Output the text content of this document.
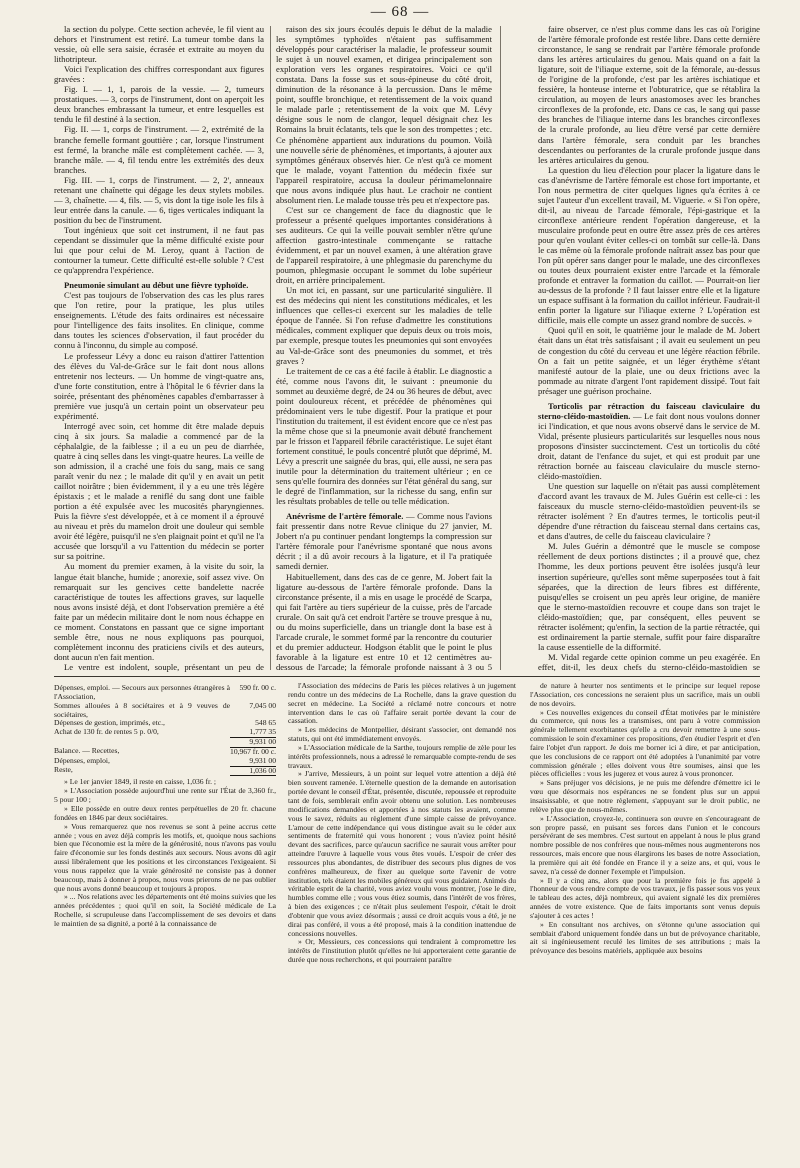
— 68 —

la section du polype. Cette section achevée, le fil vient au dehors et l'instrument est retiré. La tumeur tombe dans la vessie, où elle sera saisie, écrasée et extraite au moyen du lithotripteur.

Voici l'explication des chiffres correspondant aux figures gravées :

Fig. I. — 1, 1, parois de la vessie. — 2, tumeurs prostatiques. — 3, corps de l'instrument, dont on aperçoit les deux branches embrassant la tumeur, et entre lesquelles est tendu le fil destiné à la section.

Fig. II. — 1, corps de l'instrument. — 2, extrémité de la branche femelle formant gouttière ; car, lorsque l'instrument est fermé, la branche mâle est complètement cachée. — 3, branche mâle. — 4, fil tendu entre les extrémités des deux branches.

Fig. III. — 1, corps de l'instrument. — 2, 2', anneaux retenant une chaînette qui dégage les deux stylets mobiles. — 3, chaînette. — 4, fils. — 5, vis dont la tige isole les fils à leur entrée dans la canule. — 6, tiges verticales indiquant la position du bec de l'instrument.

Tout ingénieux que soit cet instrument, il ne faut pas cependant se dissimuler que la même difficulté existe pour lui que pour celui de M. Leroy, quant à l'action de contourner la tumeur. Cette difficulté est-elle soluble ? C'est ce qu'apprendra l'expérience.

Pneumonie simulant au début une fièvre typhoïde.

C'est pas toujours de l'observation des cas les plus rares que l'on retire, pour la pratique, les plus utiles enseignements. L'étude des faits ordinaires est nécessaire pour l'intelligence des faits insolites. En clinique, comme dans toutes les sciences d'observation, il faut procéder du connu à l'inconnu, du simple au composé.

Le professeur Lévy a donc eu raison d'attirer l'attention des élèves du Val-de-Grâce sur le fait dont nous allons entretenir nos lecteurs. — Un homme de vingt-quatre ans, d'une forte constitution, entre à l'hôpital le 6 février dans la soirée, présentant des phénomènes capables d'embarrasser à première vue jusqu'à un certain point un observateur peu expérimenté.

Interrogé avec soin, cet homme dit être malade depuis cinq à six jours. Sa maladie a commencé par de la céphalalgie, de la faiblesse ; il a eu un peu de diarrhée, quatre à cinq selles dans les vingt-quatre heures. La veille de son admission, il a craché une fois du sang, mais ce sang paraît venir du nez ; le malade dit qu'il y en avait un petit caillot noirâtre ; bien évidemment, il y a eu une très légère épistaxis ; et le malade a reniflé du sang dont une faible portion a été expulsée avec les mucosités pharyngiennes. Puis la fièvre s'est développée, et à ce moment il a éprouvé au niveau et près du mamelon droit une douleur qui semble avoir été légère, puisqu'il ne s'en plaignait point et qu'il ne l'a accusée que lorsqu'il a vu l'attention du médecin se porter sur sa poitrine.

Au moment du premier examen, à la visite du soir, la langue était blanche, humide ; anorexie, soif assez vive. On remarquait sur les gencives cette bandelette nacrée caractéristique de toutes les affections graves, sur laquelle nous avons insisté déjà, et dont l'observation première a été faite par un médecin militaire dont le nom nous échappe en ce moment. Constatons en passant que ce signe important semble être, nous ne nous expliquons pas pourquoi, complètement inconnu des praticiens civils et des auteurs, dont aucun n'en fait mention.

Le ventre est indolent, souple, présentant un peu de

raison des six jours écoulés depuis le début de la maladie les symptômes typhoïdes n'étaient pas suffisamment développés pour caractériser la maladie, le professeur soumit le sujet à un nouvel examen, et dirigea principalement son exploration vers les organes respiratoires. Voici ce qu'il constata. Dans la fosse sus et sous-épineuse du côté droit, diminution de la résonance à la percussion. Dans le même point, souffle bronchique, et retentissement de la voix quand le malade parle ; retentissement de la voix que M. Lévy désigne sous le nom de clangor, lequel désignait chez les Romains la bruit éclatants, tels que le son des trompettes ; etc. Ce phénomène appartient aux indurations du poumon. Voilà une nouvelle série de phénomènes, et importants, à ajouter aux symptômes généraux observés hier. Ce n'est qu'à ce moment que le malade, voyant l'attention du médecin fixée sur l'appareil respiratoire, accusa la douleur périmamelonnaire que nous avons indiquée plus haut. Le crachoir ne contient absolument rien. Le malade tousse très peu et n'expectore pas.

C'est sur ce changement de face du diagnostic que le professeur a présenté quelques importantes considérations à ses auditeurs. Ce qui la veille pouvait sembler n'être qu'une affection gastro-intestinale commençante se rattache évidemment, et par un nouvel examen, à une altération grave de l'appareil respiratoire, à une phlegmasie du parenchyme du poumon, phlegmasie occupant le sommet du lobe supérieur droit, en arrière principalement.

Un mot ici, en passant, sur une particularité singulière. Il est des médecins qui nient les constitutions médicales, et les influences que celles-ci exercent sur les maladies de telle époque de l'année. Si l'on refuse d'admettre les constitutions médicales, comment expliquer que depuis deux ou trois mois, par exemple, presque toutes les pneumonies qui sont envoyées au Val-de-Grâce sont des pneumonies du sommet, et très graves ?

Le traitement de ce cas a été facile à établir. Le diagnostic a été, comme nous l'avons dit, le suivant : pneumonie du sommet au deuxième degré, de 24 ou 36 heures de début, avec point douloureux récent, et précédée de phénomènes qui prédominaient vers le tube digestif. Pour la pratique et pour l'institution du traitement, il est évident encore que ce n'est pas la même chose que si la pneumonie avait débuté franchement par le frisson et l'appareil fébrile caractéristique. Le sujet étant fortement constitué, le pouls concentré plutôt que déprimé, M. Lévy a prescrit une saignée du bras, qui, elle aussi, ne sera pas inutile pour la détermination du traitement ultérieur ; en ce sens qu'elle fournira des données sur l'état général du sang, sur le degré de l'inflammation, sur la richesse du sang, enfin sur les résultats probables de telle ou telle médication.

Anévrisme de l'artère fémorale. — Comme nous l'avions fait pressentir dans notre Revue clinique du 27 janvier, M. Jobert n'a pu continuer pendant longtemps la compression sur l'artère fémorale pour l'anévrisme spontané que nous avons décrit ; il a dû avoir recours à la ligature, et il l'a pratiquée samedi dernier.

Habituellement, dans des cas de ce genre, M. Jobert fait la ligature au-dessous de l'artère fémorale profonde. Dans la circonstance présente, il a mis en usage le procédé de Scarpa, qui fait l'artère au tiers supérieur de la cuisse, près de l'arcade crurale. On sait qu'à cet endroit l'artère se trouve presque à nu, ou du moins superficielle, dans un triangle dont la base est à l'arcade crurale, le sommet formé par la rencontre du couturier et du premier adducteur. Hodgson établit que le point le plus favorable à la ligature est entre 10 et 12 centimètres au-dessous de l'arcade; la fémorale profonde naissant à 3 ou 5

faire observer, ce n'est plus comme dans les cas où l'origine de l'artère fémorale profonde est restée libre. Dans cette dernière circonstance, le sang se rendrait par l'artère fémorale profonde dans les artères articulaires du genou. Mais quand on a fait la ligature, soit de l'iliaque externe, soit de la fémorale, au-dessus de l'origine de la profonde, c'est par les artères ischiatique et fessière, la honteuse interne et l'obturatrice, que se rétablira la circulation, au moyen de leurs anastomoses avec les branches circonflexes de la profonde, etc. Dans ce cas, le sang qui passe des branches de l'iliaque interne dans les branches circonflexes de la crurale profonde, au lieu d'être versé par cette dernière dans l'artère fémorale, sera conduit par les branches descendantes ou perforantes de la crurale profonde jusque dans les artères articulaires du genou.

La question du lieu d'élection pour placer la ligature dans le cas d'anévrisme de l'artère fémorale est chose fort importante, et l'on nous permettra de citer quelques lignes qu'a écrites à ce sujet l'auteur d'un excellent travail, M. Viguerie. « Si l'on opère, dit-il, au niveau de l'arcade fémorale, l'épi-gastrique et la circonflexe antérieure rendent l'opération dangereuse, et la musculaire profonde peut en outre être assez près de ces artères pour qu'en voulant éviter celles-ci on tombât sur celle-là. Dans le cas même où la fémorale profonde naîtrait assez bas pour que l'on pût opérer sans danger pour le malade, une des circonflexes ou toutes deux pourraient exister entre l'arcade et la fémorale profonde et entraver la formation du caillot. — Pourrait-on lier au-dessus de la profonde ? Il faut laisser entre elle et la ligature un espace suffisant à la formation du caillot inférieur. Faudrait-il enfin porter la ligature sur l'iliaque externe ? L'opération est difficile, mais elle compte un assez grand nombre de succès. »

Quoi qu'il en soit, le quatrième jour le malade de M. Jobert était dans un état très satisfaisant ; il avait eu seulement un peu de congestion du côté du cerveau et une légère réaction fébrile. On a fait un petite saignée, et un léger érythème s'étant manifesté autour de la plaie, une ou deux frictions avec la pommade au nitrate d'argent l'ont rapidement dissipé. Tout fait présager une guérison prochaine.

Torticolis par rétraction du faisceau claviculaire du sterno-cléido-mastoïdien. — Le fait dont nous voulons donner ici l'indication, et que nous avons observé dans le service de M. Vidal, présente plusieurs particularités sur lesquelles nous nous proposons d'insister succinctement. C'est un torticolis du côté droit, datant de l'enfance du sujet, et qui est produit par une rétraction bornée au faisceau claviculaire du muscle sterno-cléido-mastoïdien.

Une question sur laquelle on n'était pas aussi complètement d'accord avant les travaux de M. Jules Guérin est celle-ci : les faisceaux du muscle sterno-cléido-mastoïdien peuvent-ils se rétracter isolément ? En d'autres termes, le torticolis peut-il dépendre d'une rétraction du faisceau sternal dans certains cas, et dans d'autres, de celle du faisceau claviculaire ?

M. Jules Guérin a démontré que le muscle se compose réellement de deux portions distinctes ; il a prouvé que, chez l'homme, les deux portions peuvent être isolées jusqu'à leur insertion supérieure, qu'elles sont même superposées tout à fait séparées, que la direction de leurs fibres est différente, puisqu'elles se croisent un peu après leur origine, de manière que le sterno-mastoïdien recouvre et coupe dans son trajet le cléido-mastoïdien; que, par conséquent, elles peuvent se rétracter isolément; qu'enfin, la section de la partie rétractée, qui est ordinairement la partie sternale, suffit pour faire disparaître la cause essentielle de la difformité.

M. Vidal regarde cette opinion comme un peu exagérée. En effet, dit-il, les deux chefs du sterno-cléido-mastoïdien se

Dépenses, emploi. — Secours aux personnes étrangères à l'Association,	590 fr. 00 c.
Sommes allouées à 8 sociétaires et à 9 veuves de sociétaires,	7,045 00
Dépenses de gestion, imprimés, etc.,	548 65
Achat de 130 fr. de rentes 5 p. 0/0,	1,777 35
	9,931 00
Balance. — Recettes,	10,967 fr. 00 c.
Dépenses, emploi,	9,931 00
Reste,	1,036 00

» Le 1er janvier 1849, il reste en caisse, 1,036 fr. ;

» L'Association possède aujourd'hui une rente sur l'État de 3,360 fr., 5 pour 100 ;

» Elle possède en outre deux rentes perpétuelles de 20 fr. chacune fondées en 1846 par deux sociétaires.

» Vous remarquerez que nos revenus se sont à peine accrus cette année ; vous en avez déjà compris les motifs, et, quoique nous sachions bien que l'économie est la mère de la générosité, nous n'avons pas voulu faire d'économie sur les fonds destinés aux secours. Nous avons dû agir aussi libéralement que les positions et les circonstances l'exigeaient. Si vous nous rappelez que la vraie générosité ne consiste pas à donner beaucoup, mais à donner à propos, nous vous prierons de ne pas oublier que nous avons donné beaucoup et toujours à propos.

» ... Nos relations avec les départements ont été moins suivies que les années précédentes ; quoi qu'il en soit, la Société médicale de La Rochelle, si scrupuleuse dans l'accomplissement de ses devoirs et dans le maintien de sa dignité, a porté à la connaissance de

l'Association des médecins de Paris les pièces relatives à un jugement rendu contre un des médecins de La Rochelle, dans la grave question du secret en médecine. La Société a réclamé notre concours et notre intervention dans le cas où l'affaire serait portée devant la cour de cassation.

» Les médecins de Montpellier, désirant s'associer, ont demandé nos statuts, qui ont été immédiatement envoyés.

» L'Association médicale de la Sarthe, toujours remplie de zèle pour les intérêts professionnels, nous a adressé le remarquable compte-rendu de ses travaux.

» J'arrive, Messieurs, à un point sur lequel votre attention a déjà été bien souvent ramenée. L'éternelle question de la demande en autorisation portée devant le conseil d'État, présentée, discutée, repoussée et reproduite tant de fois, semblerait enfin avoir obtenu une solution. Les nombreuses modifications demandées et apportées à nos statuts les avaient, comme vous le savez, réduits au règlement d'une simple caisse de prévoyance. L'amour de cette indépendance qui vous distingue avait su le céder aux sentiments de fraternité qui vous honorent ; vous n'aviez point hésité devant des sacrifices, parce qu'aucun sacrifice ne saurait vous arrêter pour atteindre l'œuvre à laquelle vous vous êtes voués. L'espoir de créer des ressources plus abondantes, de distribuer des secours plus dignes de vos confrères malheureux, de fixer au quelque sorte l'avenir de votre institution, tels étaient les mobiles généreux qui vous guidaient. Animés du véritable esprit de la charité, vous aviez voulu vous montrer, j'ose le dire, humbles comme elle ; vous vous étiez soumis, dans l'intérêt de vos frères, à bien des exigences ; ce n'était plus seulement l'espoir, c'était le droit d'obtenir que vous aviez désormais ; aussi ce droit acquis vous a été, je ne dirai pas conféré, il vous a été proposé, mais à la condition inattendue de concessions nouvelles.

» Or, Messieurs, ces concessions qui tendraient à compromettre les intérêts de l'institution plutôt qu'elles ne lui apporteraient cette garantie de durée que nous recherchons, et qui pourraient paraître

de nature à heurter nos sentiments et le principe sur lequel repose l'Association, ces concessions ne seraient plus un sacrifice, mais un oubli de nos devoirs.

» Ces nouvelles exigences du conseil d'État motivées par le ministère du commerce, qui nous les a transmises, ont paru à votre commission générale tellement exorbitantes qu'elle a cru devoir remettre à une sous-commission le soin d'examiner ces propositions, d'en étudier l'esprit et d'en faire l'objet d'un rapport. Je dois me borner ici à dire, et par anticipation, que les conclusions de ce rapport ont été adoptées à l'unanimité par votre commission générale ; elles doivent vous être soumises, ainsi que les pièces officielles : vous les jugerez et vous aurez à vous prononcer.

» Sans préjuger vos décisions, je ne puis me défendre d'émettre ici le vœu que désormais nos espérances ne se fondent plus sur un appui insaisissable, et que notre règlement, s'appuyant sur le droit public, ne relève plus que de nous-mêmes.

» L'Association, croyez-le, continuera son œuvre en s'encourageant de son propre passé, en puisant ses forces dans l'union et le concours persévérant de ses membres. C'est surtout en appelant à nous le plus grand nombre possible de nos confrères que nous-mêmes nous augmenterons nos ressources, mais encore que nous élargirons les bases de notre Association, la première qui ait été fondée en France il y a seize ans, et qui, vous le savez, n'a cessé de donner l'exemple et l'impulsion.

» Il y a cinq ans, alors que pour la première fois je fus appelé à l'honneur de vous rendre compte de vos travaux, je fis passer sous vos yeux le tableau des actes, déjà nombreux, qui avaient signalé les dix premières années de votre existence. Que de faits importants sont venus depuis s'ajouter à ces actes !

» En consultant nos archives, on s'étonne qu'une association qui semblait d'abord uniquement fondée dans un but de prévoyance charitable, ait si ingénieusement reculé les limites de ses attributions ; mais la prévoyance des besoins matériels, appliquée aux besoins
